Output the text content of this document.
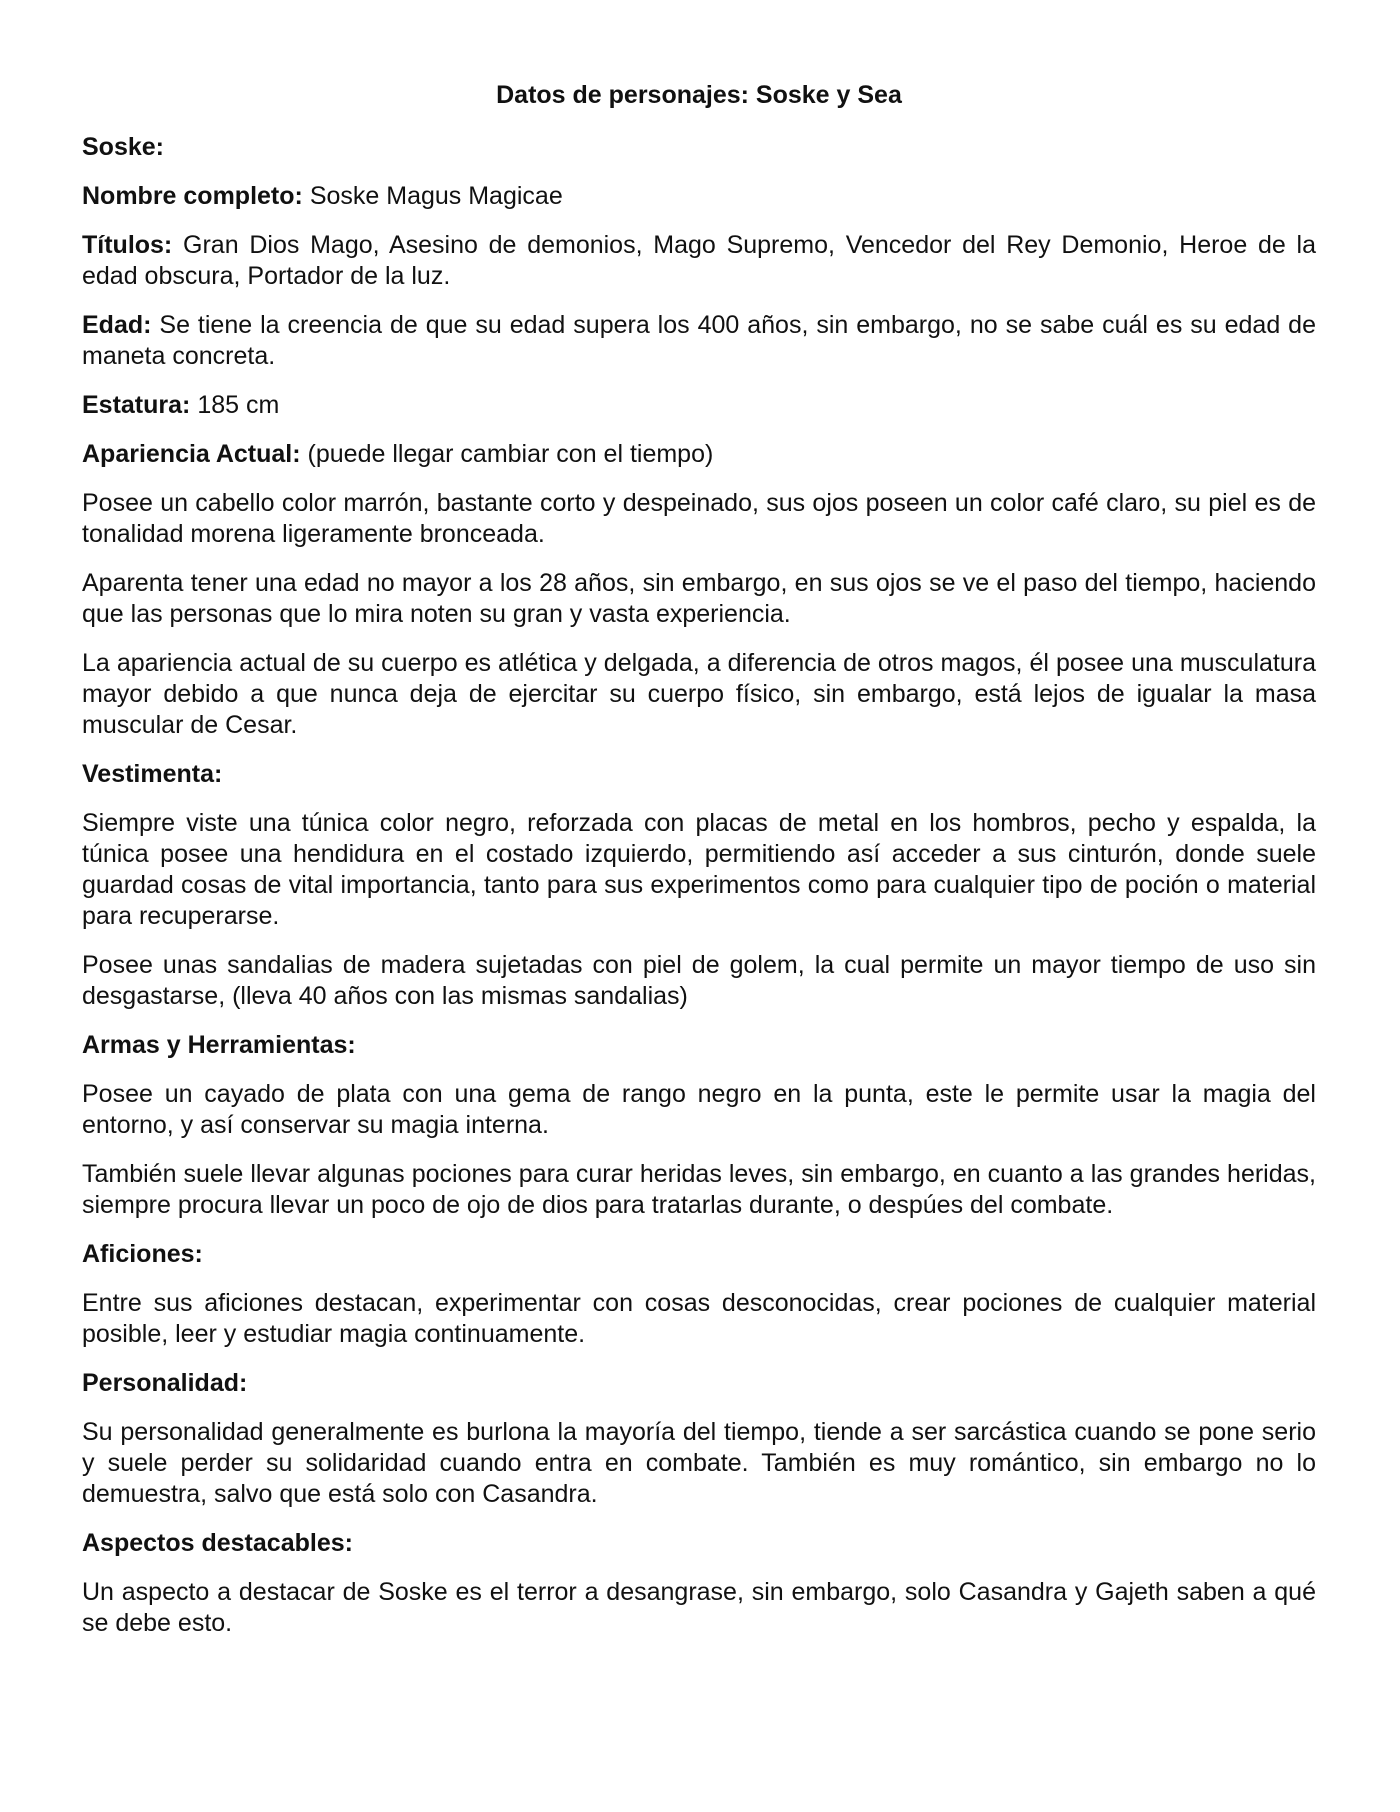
Datos de personajes: Soske y Sea
Soske:
Nombre completo: Soske Magus Magicae
Títulos: Gran Dios Mago, Asesino de demonios, Mago Supremo, Vencedor del Rey Demonio, Heroe de la edad obscura, Portador de la luz.
Edad: Se tiene la creencia de que su edad supera los 400 años, sin embargo, no se sabe cuál es su edad de maneta concreta.
Estatura: 185 cm
Apariencia Actual: (puede llegar cambiar con el tiempo)
Posee un cabello color marrón, bastante corto y despeinado, sus ojos poseen un color café claro, su piel es de tonalidad morena ligeramente bronceada.
Aparenta tener una edad no mayor a los 28 años, sin embargo, en sus ojos se ve el paso del tiempo, haciendo que las personas que lo mira noten su gran y vasta experiencia.
La apariencia actual de su cuerpo es atlética y delgada, a diferencia de otros magos, él posee una musculatura mayor debido a que nunca deja de ejercitar su cuerpo físico, sin embargo, está lejos de igualar la masa muscular de Cesar.
Vestimenta:
Siempre viste una túnica color negro, reforzada con placas de metal en los hombros, pecho y espalda, la túnica posee una hendidura en el costado izquierdo, permitiendo así acceder a sus cinturón, donde suele guardad cosas de vital importancia, tanto para sus experimentos como para cualquier tipo de poción o material para recuperarse.
Posee unas sandalias de madera sujetadas con piel de golem, la cual permite un mayor tiempo de uso sin desgastarse, (lleva 40 años con las mismas sandalias)
Armas y Herramientas:
Posee un cayado de plata con una gema de rango negro en la punta, este le permite usar la magia del entorno, y así conservar su magia interna.
También suele llevar algunas pociones para curar heridas leves, sin embargo, en cuanto a las grandes heridas, siempre procura llevar un poco de ojo de dios para tratarlas durante, o despúes del combate.
Aficiones:
Entre sus aficiones destacan, experimentar con cosas desconocidas, crear pociones de cualquier material posible, leer y estudiar magia continuamente.
Personalidad:
Su personalidad generalmente es burlona la mayoría del tiempo, tiende a ser sarcástica cuando se pone serio y suele perder su solidaridad cuando entra en combate. También es muy romántico, sin embargo no lo demuestra, salvo que está solo con Casandra.
Aspectos destacables:
Un aspecto a destacar de Soske es el terror a desangrase, sin embargo, solo Casandra y Gajeth saben a qué se debe esto.
